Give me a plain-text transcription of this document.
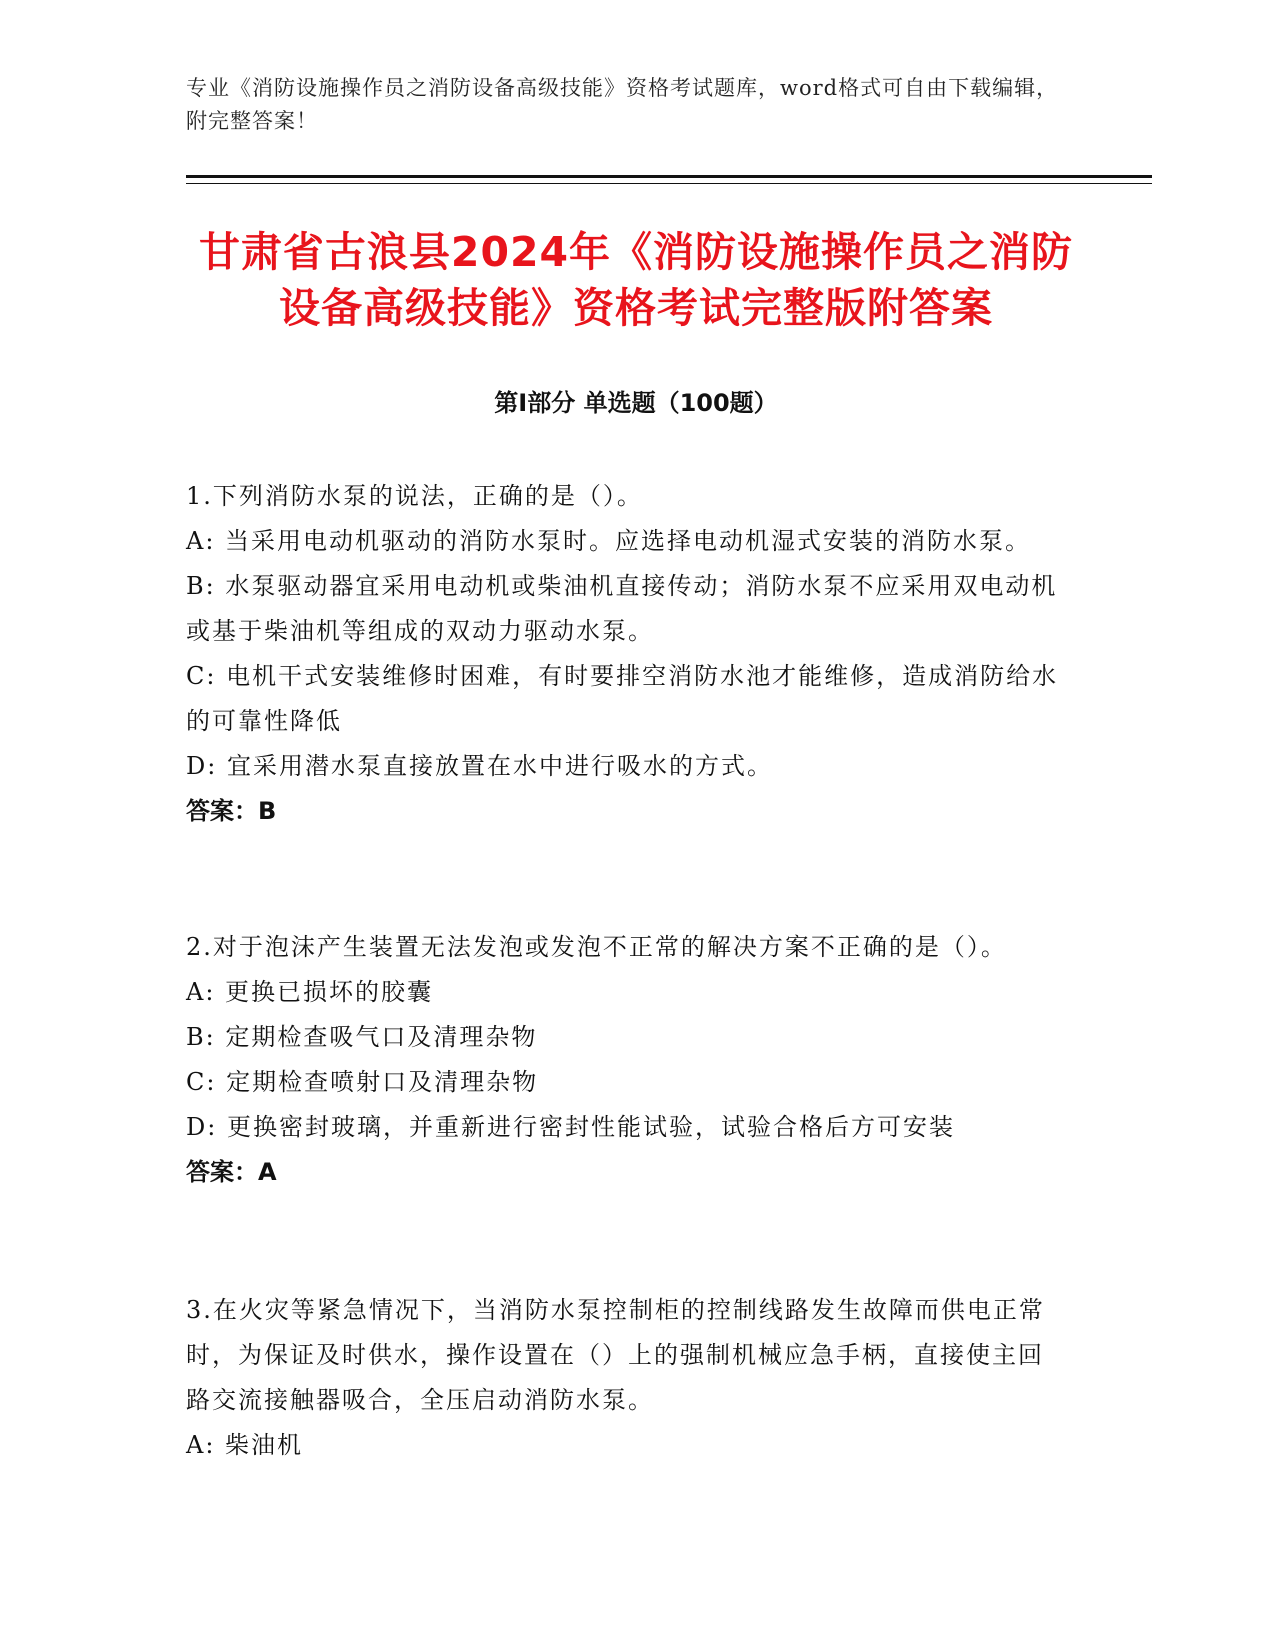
专业《消防设施操作员之消防设备高级技能》资格考试题库，word格式可自由下载编辑，附完整答案！
甘肃省古浪县2024年《消防设施操作员之消防设备高级技能》资格考试完整版附答案
第I部分 单选题（100题）

1.下列消防水泵的说法，正确的是（）。

A: 当采用电动机驱动的消防水泵时。应选择电动机湿式安装的消防水泵。

B: 水泵驱动器宜采用电动机或柴油机直接传动；消防水泵不应采用双电动机或基于柴油机等组成的双动力驱动水泵。

C: 电机干式安装维修时困难，有时要排空消防水池才能维修，造成消防给水的可靠性降低

D: 宜采用潜水泵直接放置在水中进行吸水的方式。

答案：B

2.对于泡沫产生装置无法发泡或发泡不正常的解决方案不正确的是（）。

A: 更换已损坏的胶囊

B: 定期检查吸气口及清理杂物

C: 定期检查喷射口及清理杂物

D: 更换密封玻璃，并重新进行密封性能试验，试验合格后方可安装

答案：A

3.在火灾等紧急情况下，当消防水泵控制柜的控制线路发生故障而供电正常时，为保证及时供水，操作设置在（）上的强制机械应急手柄，直接使主回路交流接触器吸合，全压启动消防水泵。

A: 柴油机
